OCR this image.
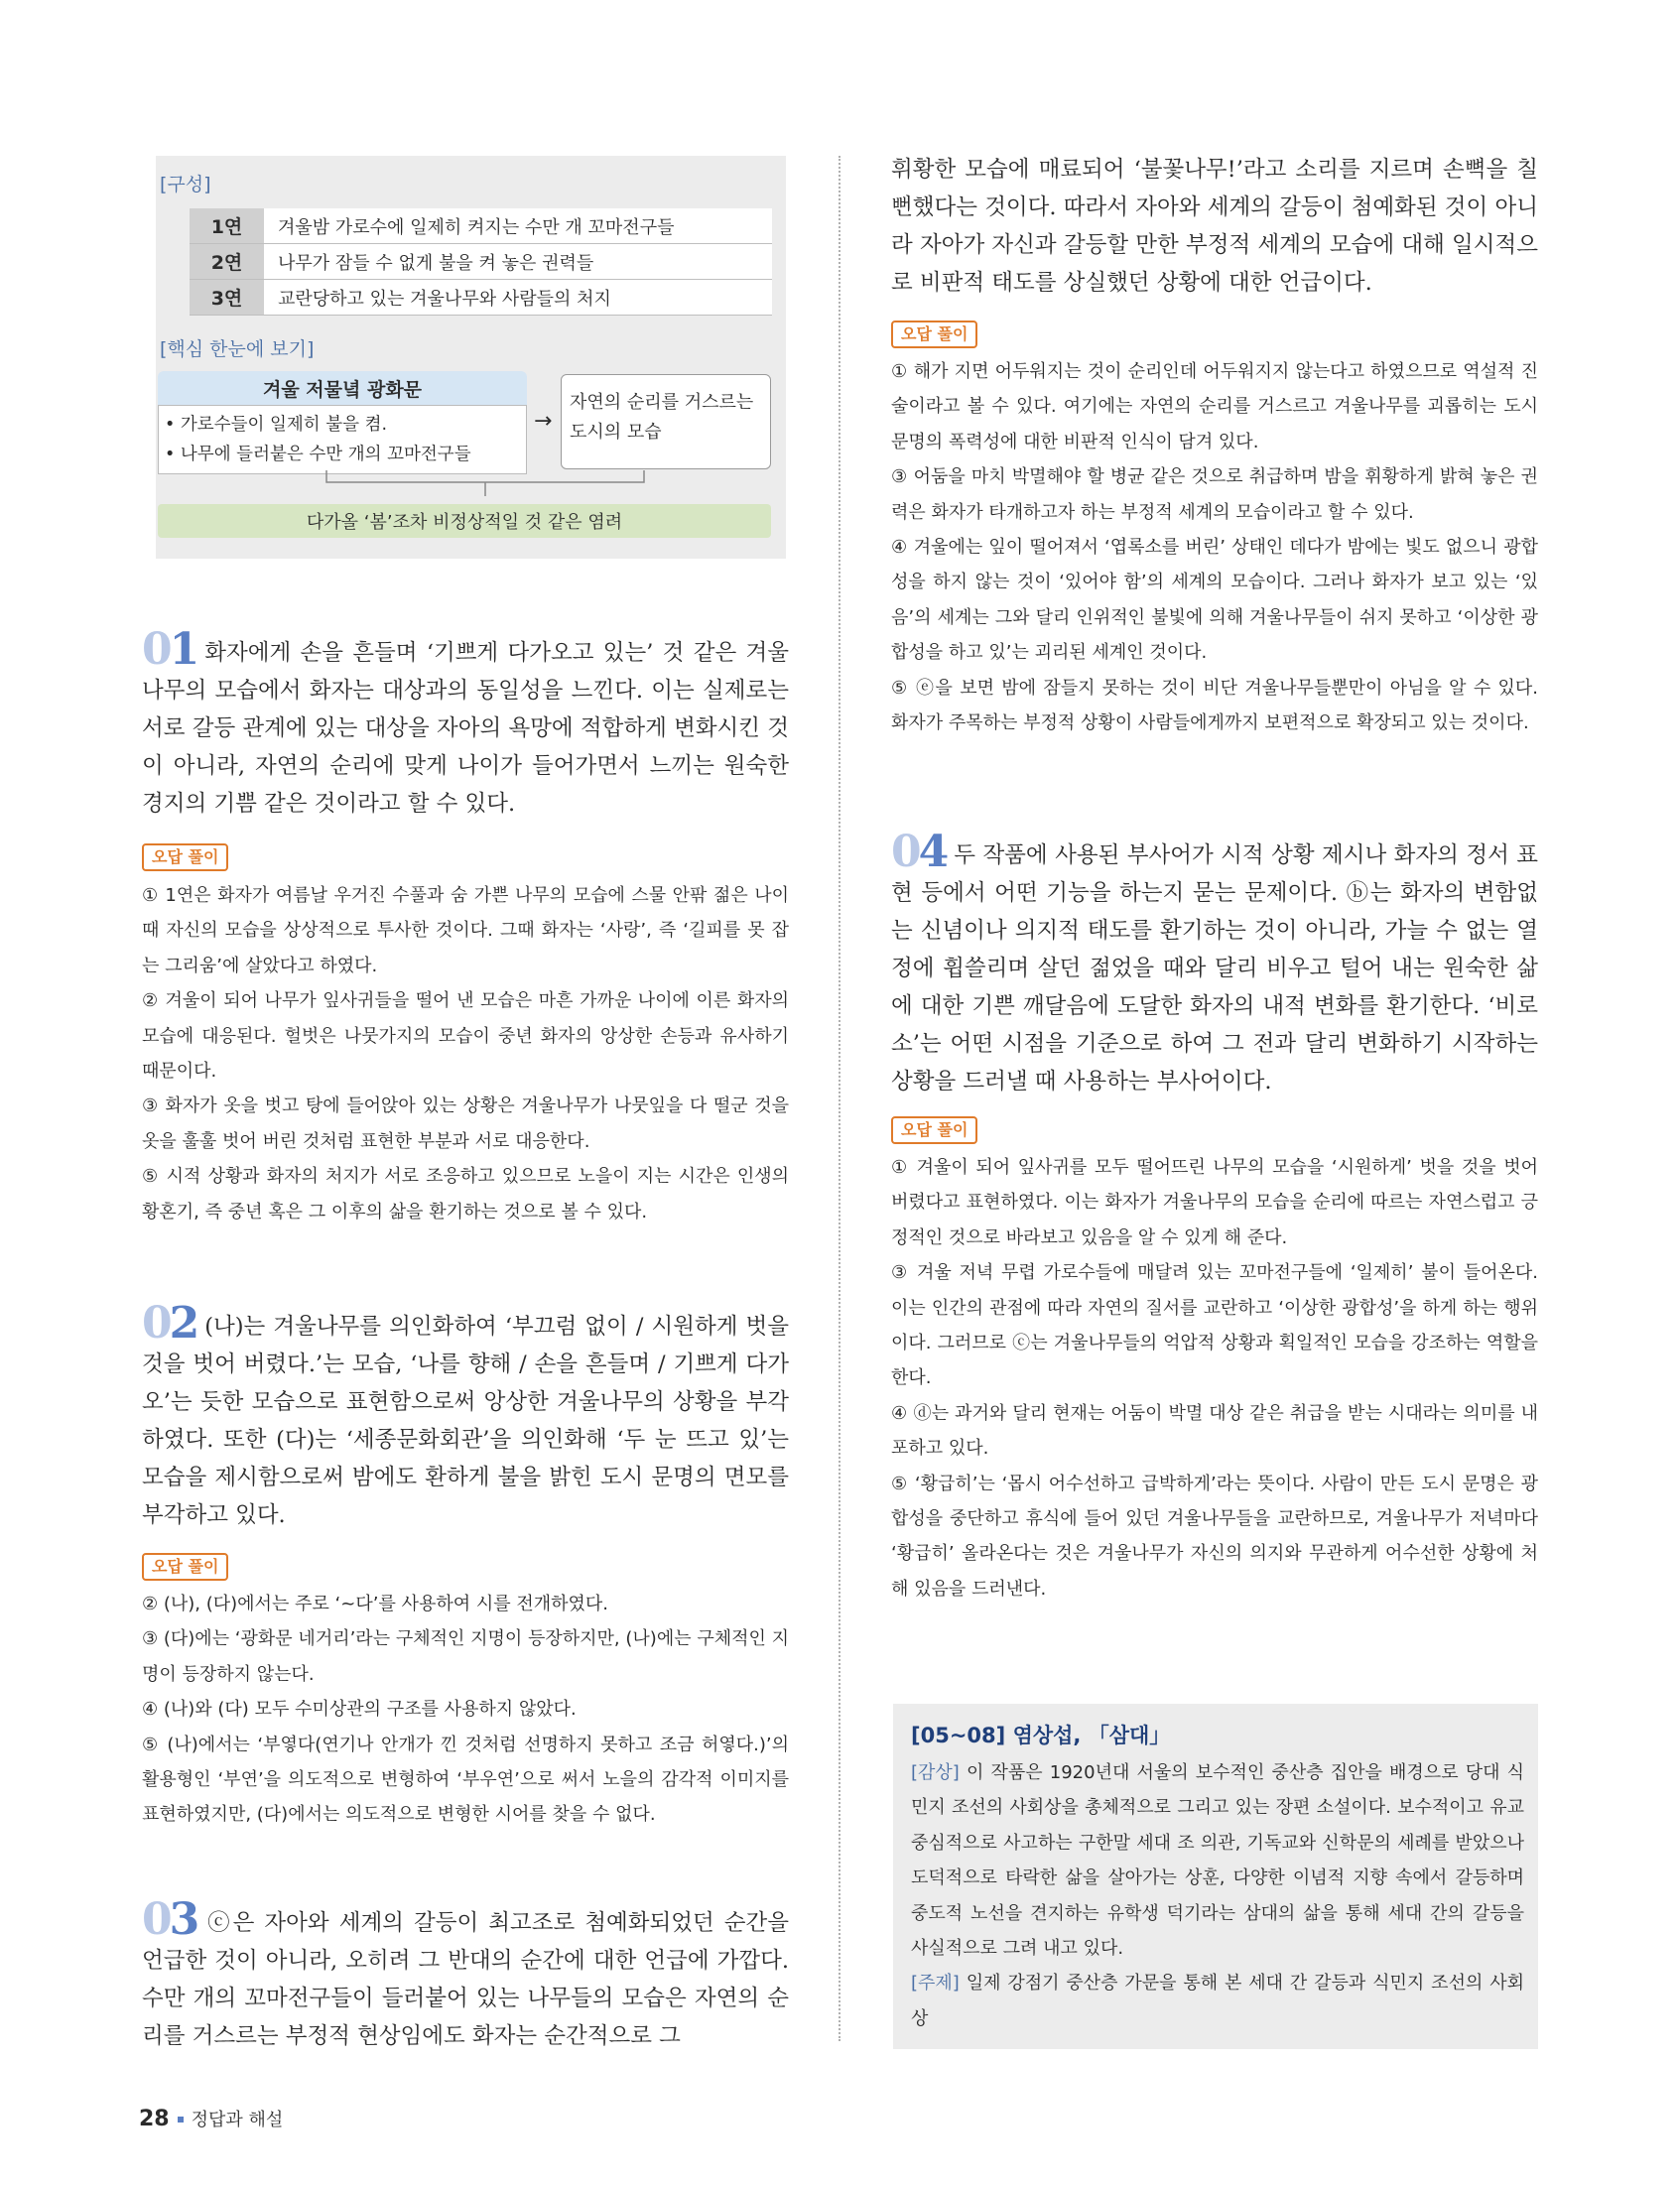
[구성]
1연	겨울밤 가로수에 일제히 켜지는 수만 개 꼬마전구들
2연	나무가 잠들 수 없게 불을 켜 놓은 권력들
3연	교란당하고 있는 겨울나무와 사람들의 처지
[핵심 한눈에 보기]
겨울 저물녘 광화문
• 가로수들이 일제히 불을 켬.
• 나무에 들러붙은 수만 개의 꼬마전구들
→
자연의 순리를 거스르는 도시의 모습
다가올 ‘봄’조차 비정상적일 것 같은 염려
01 화자에게 손을 흔들며 ‘기쁘게 다가오고 있는’ 것 같은 겨울나무의 모습에서 화자는 대상과의 동일성을 느낀다. 이는 실제로는 서로 갈등 관계에 있는 대상을 자아의 욕망에 적합하게 변화시킨 것이 아니라, 자연의 순리에 맞게 나이가 들어가면서 느끼는 원숙한 경지의 기쁨 같은 것이라고 할 수 있다.
오답 풀이
① 1연은 화자가 여름날 우거진 수풀과 숨 가쁜 나무의 모습에 스물 안팎 젊은 나이 때 자신의 모습을 상상적으로 투사한 것이다. 그때 화자는 ‘사랑’, 즉 ‘길피를 못 잡는 그리움’에 살았다고 하였다.
② 겨울이 되어 나무가 잎사귀들을 떨어 낸 모습은 마흔 가까운 나이에 이른 화자의 모습에 대응된다. 헐벗은 나뭇가지의 모습이 중년 화자의 앙상한 손등과 유사하기 때문이다.
③ 화자가 옷을 벗고 탕에 들어앉아 있는 상황은 겨울나무가 나뭇잎을 다 떨군 것을 옷을 훌훌 벗어 버린 것처럼 표현한 부분과 서로 대응한다.
⑤ 시적 상황과 화자의 처지가 서로 조응하고 있으므로 노을이 지는 시간은 인생의 황혼기, 즉 중년 혹은 그 이후의 삶을 환기하는 것으로 볼 수 있다.
02 (나)는 겨울나무를 의인화하여 ‘부끄럼 없이 / 시원하게 벗을 것을 벗어 버렸다.’는 모습, ‘나를 향해 / 손을 흔들며 / 기쁘게 다가오’는 듯한 모습으로 표현함으로써 앙상한 겨울나무의 상황을 부각하였다. 또한 (다)는 ‘세종문화회관’을 의인화해 ‘두 눈 뜨고 있’는 모습을 제시함으로써 밤에도 환하게 불을 밝힌 도시 문명의 면모를 부각하고 있다.
오답 풀이
② (나), (다)에서는 주로 ‘~다’를 사용하여 시를 전개하였다.
③ (다)에는 ‘광화문 네거리’라는 구체적인 지명이 등장하지만, (나)에는 구체적인 지명이 등장하지 않는다.
④ (나)와 (다) 모두 수미상관의 구조를 사용하지 않았다.
⑤ (나)에서는 ‘부옇다(연기나 안개가 낀 것처럼 선명하지 못하고 조금 허옇다.)’의 활용형인 ‘부연’을 의도적으로 변형하여 ‘부우연’으로 써서 노을의 감각적 이미지를 표현하였지만, (다)에서는 의도적으로 변형한 시어를 찾을 수 없다.
03 ⓒ은 자아와 세계의 갈등이 최고조로 첨예화되었던 순간을 언급한 것이 아니라, 오히려 그 반대의 순간에 대한 언급에 가깝다. 수만 개의 꼬마전구들이 들러붙어 있는 나무들의 모습은 자연의 순리를 거스르는 부정적 현상임에도 화자는 순간적으로 그
휘황한 모습에 매료되어 ‘불꽃나무!’라고 소리를 지르며 손뼉을 칠 뻔했다는 것이다. 따라서 자아와 세계의 갈등이 첨예화된 것이 아니라 자아가 자신과 갈등할 만한 부정적 세계의 모습에 대해 일시적으로 비판적 태도를 상실했던 상황에 대한 언급이다.
오답 풀이
① 해가 지면 어두워지는 것이 순리인데 어두워지지 않는다고 하였으므로 역설적 진술이라고 볼 수 있다. 여기에는 자연의 순리를 거스르고 겨울나무를 괴롭히는 도시 문명의 폭력성에 대한 비판적 인식이 담겨 있다.
③ 어둠을 마치 박멸해야 할 병균 같은 것으로 취급하며 밤을 휘황하게 밝혀 놓은 권력은 화자가 타개하고자 하는 부정적 세계의 모습이라고 할 수 있다.
④ 겨울에는 잎이 떨어져서 ‘엽록소를 버린’ 상태인 데다가 밤에는 빛도 없으니 광합성을 하지 않는 것이 ‘있어야 함’의 세계의 모습이다. 그러나 화자가 보고 있는 ‘있음’의 세계는 그와 달리 인위적인 불빛에 의해 겨울나무들이 쉬지 못하고 ‘이상한 광합성을 하고 있’는 괴리된 세계인 것이다.
⑤ ⓔ을 보면 밤에 잠들지 못하는 것이 비단 겨울나무들뿐만이 아님을 알 수 있다. 화자가 주목하는 부정적 상황이 사람들에게까지 보편적으로 확장되고 있는 것이다.
04 두 작품에 사용된 부사어가 시적 상황 제시나 화자의 정서 표현 등에서 어떤 기능을 하는지 묻는 문제이다. ⓑ는 화자의 변함없는 신념이나 의지적 태도를 환기하는 것이 아니라, 가늘 수 없는 열정에 휩쓸리며 살던 젊었을 때와 달리 비우고 털어 내는 원숙한 삶에 대한 기쁜 깨달음에 도달한 화자의 내적 변화를 환기한다. ‘비로소’는 어떤 시점을 기준으로 하여 그 전과 달리 변화하기 시작하는 상황을 드러낼 때 사용하는 부사어이다.
오답 풀이
① 겨울이 되어 잎사귀를 모두 떨어뜨린 나무의 모습을 ‘시원하게’ 벗을 것을 벗어 버렸다고 표현하였다. 이는 화자가 겨울나무의 모습을 순리에 따르는 자연스럽고 긍정적인 것으로 바라보고 있음을 알 수 있게 해 준다.
③ 겨울 저녁 무렵 가로수들에 매달려 있는 꼬마전구들에 ‘일제히’ 불이 들어온다. 이는 인간의 관점에 따라 자연의 질서를 교란하고 ‘이상한 광합성’을 하게 하는 행위이다. 그러므로 ⓒ는 겨울나무들의 억압적 상황과 획일적인 모습을 강조하는 역할을 한다.
④ ⓓ는 과거와 달리 현재는 어둠이 박멸 대상 같은 취급을 받는 시대라는 의미를 내포하고 있다.
⑤ ‘황급히’는 ‘몹시 어수선하고 급박하게’라는 뜻이다. 사람이 만든 도시 문명은 광합성을 중단하고 휴식에 들어 있던 겨울나무들을 교란하므로, 겨울나무가 저녁마다 ‘황급히’ 올라온다는 것은 겨울나무가 자신의 의지와 무관하게 어수선한 상황에 처해 있음을 드러낸다.
[05~08] 염상섭, 「삼대」
[감상] 이 작품은 1920년대 서울의 보수적인 중산층 집안을 배경으로 당대 식민지 조선의 사회상을 총체적으로 그리고 있는 장편 소설이다. 보수적이고 유교 중심적으로 사고하는 구한말 세대 조 의관, 기독교와 신학문의 세례를 받았으나 도덕적으로 타락한 삶을 살아가는 상훈, 다양한 이념적 지향 속에서 갈등하며 중도적 노선을 견지하는 유학생 덕기라는 삼대의 삶을 통해 세대 간의 갈등을 사실적으로 그려 내고 있다.
[주제] 일제 강점기 중산층 가문을 통해 본 세대 간 갈등과 식민지 조선의 사회상
28 정답과 해설
